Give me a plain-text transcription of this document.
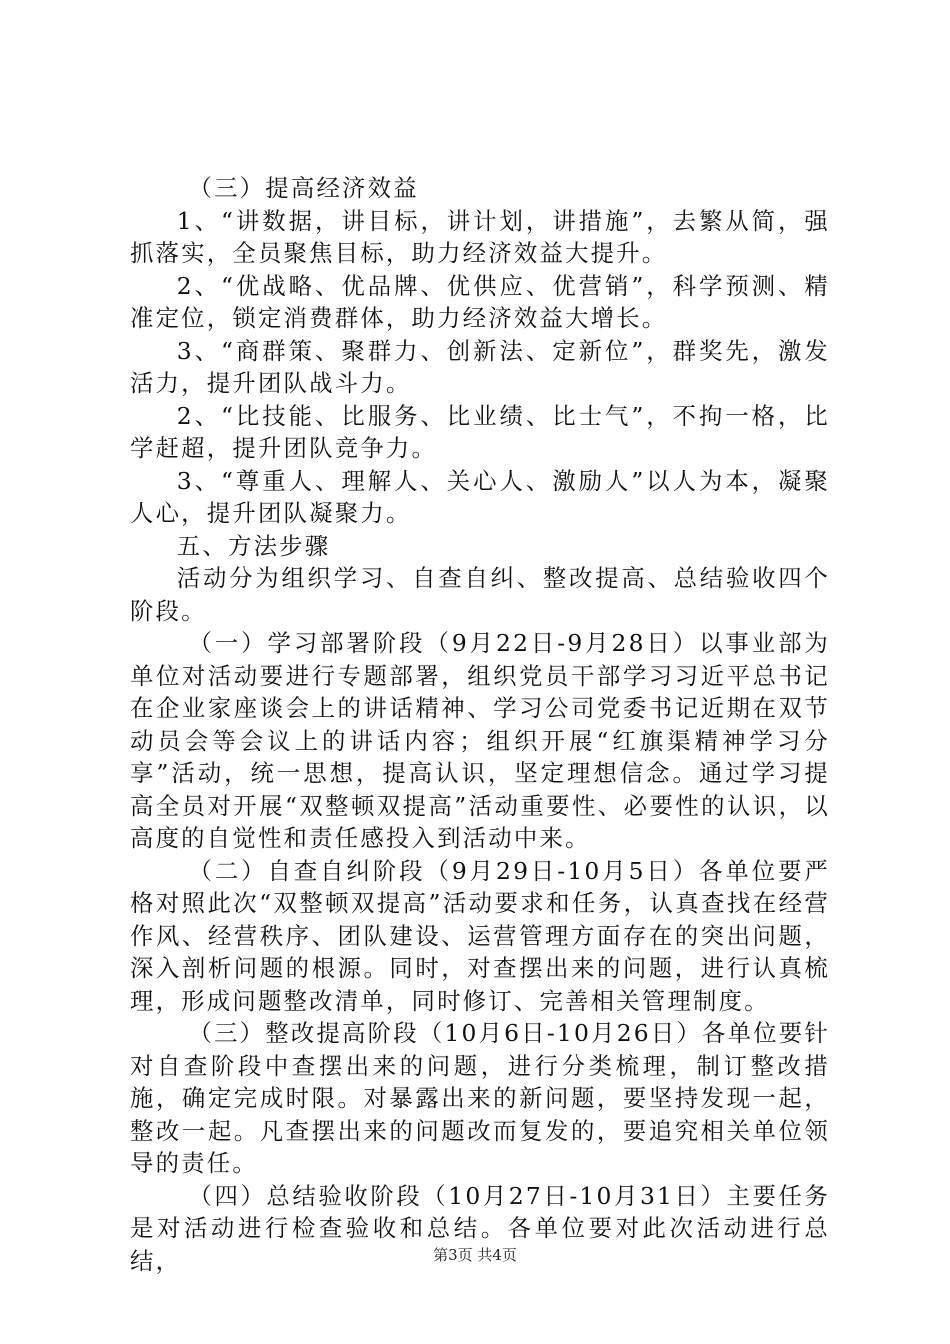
（三）提高经济效益

1、“讲数据，讲目标，讲计划，讲措施”，去繁从简，强抓落实，全员聚焦目标，助力经济效益大提升。

2、“优战略、优品牌、优供应、优营销”，科学预测、精准定位，锁定消费群体，助力经济效益大增长。

3、“商群策、聚群力、创新法、定新位”，群奖先，激发活力，提升团队战斗力。

2、“比技能、比服务、比业绩、比士气”，不拘一格，比学赶超，提升团队竞争力。

3、“尊重人、理解人、关心人、激励人”以人为本，凝聚人心，提升团队凝聚力。

五、方法步骤

活动分为组织学习、自查自纠、整改提高、总结验收四个阶段。

（一）学习部署阶段（9月22日-9月28日）以事业部为单位对活动要进行专题部署，组织党员干部学习习近平总书记在企业家座谈会上的讲话精神、学习公司党委书记近期在双节动员会等会议上的讲话内容；组织开展“红旗渠精神学习分享”活动，统一思想，提高认识，坚定理想信念。通过学习提高全员对开展“双整顿双提高”活动重要性、必要性的认识，以高度的自觉性和责任感投入到活动中来。

（二）自查自纠阶段（9月29日-10月5日）各单位要严格对照此次“双整顿双提高”活动要求和任务，认真查找在经营作风、经营秩序、团队建设、运营管理方面存在的突出问题，深入剖析问题的根源。同时，对查摆出来的问题，进行认真梳理，形成问题整改清单，同时修订、完善相关管理制度。

（三）整改提高阶段（10月6日-10月26日）各单位要针对自查阶段中查摆出来的问题，进行分类梳理，制订整改措施，确定完成时限。对暴露出来的新问题，要坚持发现一起，整改一起。凡查摆出来的问题改而复发的，要追究相关单位领导的责任。

（四）总结验收阶段（10月27日-10月31日）主要任务是对活动进行检查验收和总结。各单位要对此次活动进行总结，	第3页 共4页
